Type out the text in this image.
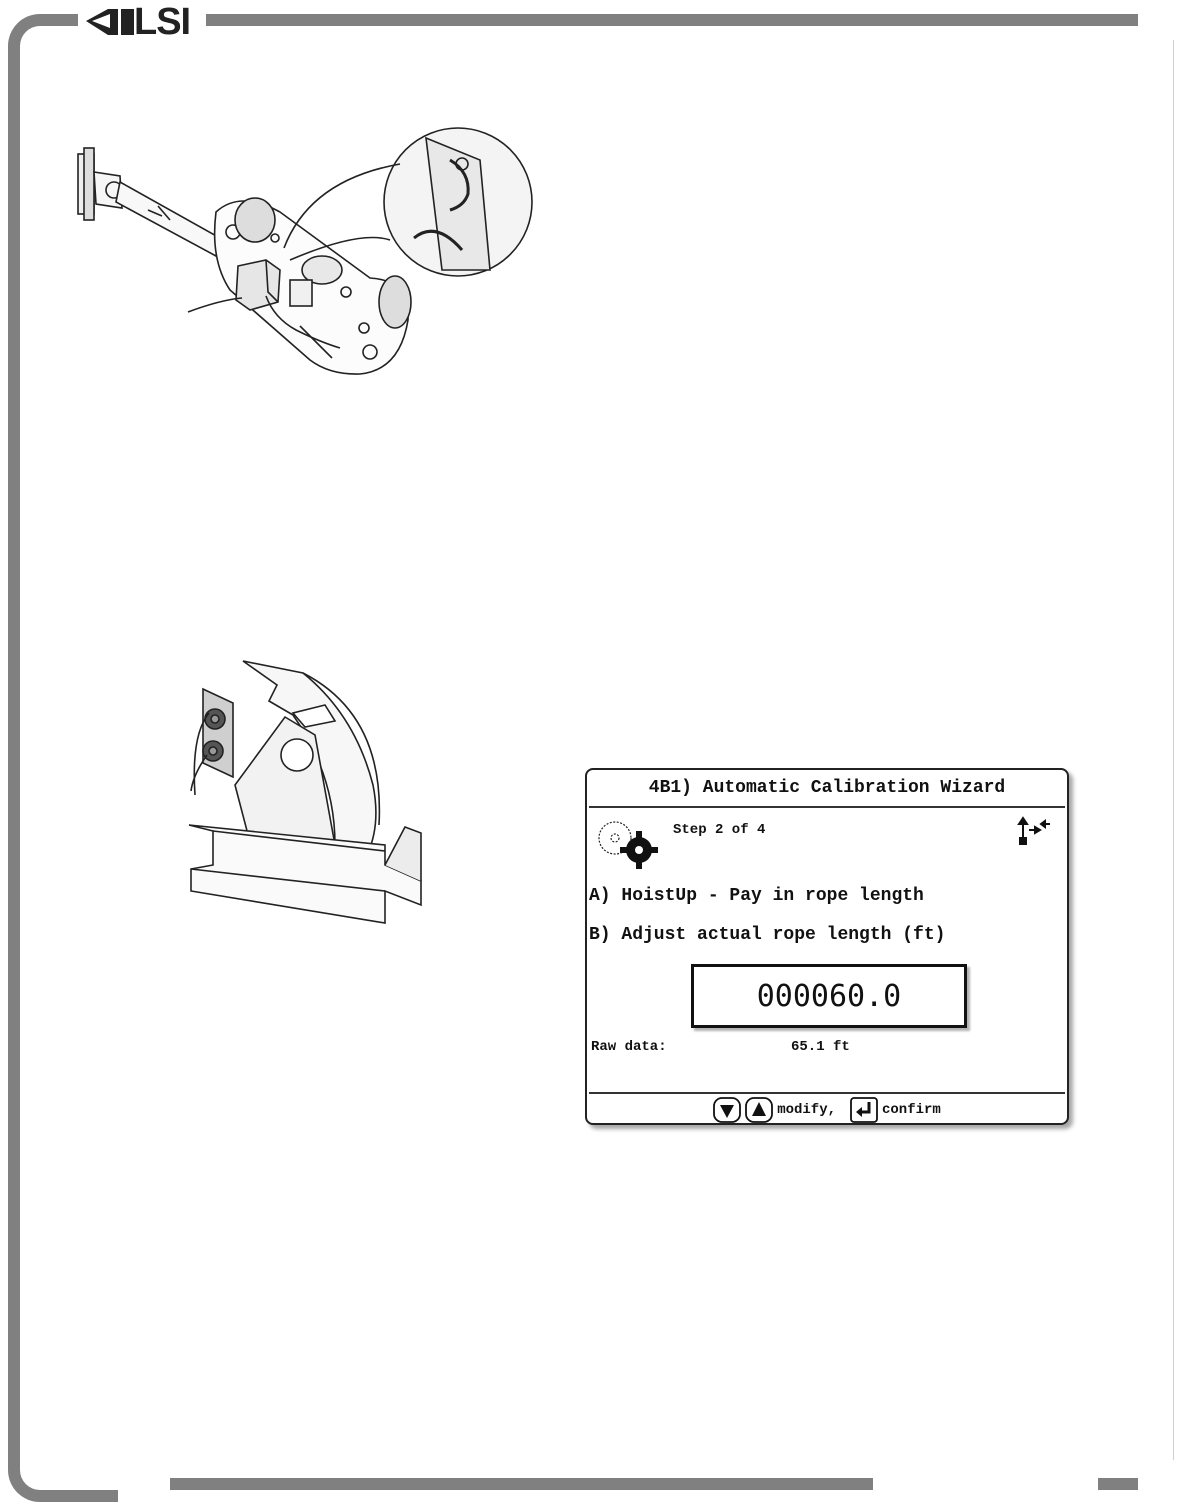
LSI
4B1) Automatic Calibration Wizard
Step 2 of 4
A) HoistUp - Pay in rope length
B) Adjust actual rope length (ft)
000060.0
Raw data:	65.1 ft
modify,	confirm
